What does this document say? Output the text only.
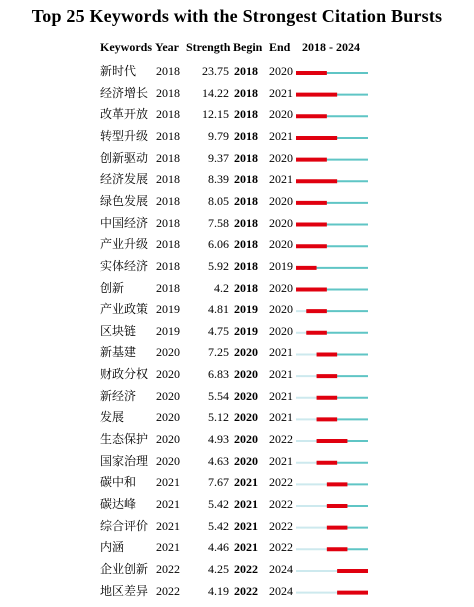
Top 25 Keywords with the Strongest Citation Bursts
Keywords Year Strength Begin End 2018 - 2024
新时代 2018 23.75 2018 2020
经济增长 2018 14.22 2018 2021
改革开放 2018 12.15 2018 2020
转型升级 2018 9.79 2018 2021
创新驱动 2018 9.37 2018 2020
经济发展 2018 8.39 2018 2021
绿色发展 2018 8.05 2018 2020
中国经济 2018 7.58 2018 2020
产业升级 2018 6.06 2018 2020
实体经济 2018 5.92 2018 2019
创新	2018	4.2 2018 2020
产业政策 2019 4.81 2019 2020
区块链 2019 4.75 2019 2020
新基建 2020 7.25 2020 2021
财政分权 2020 6.83 2020 2021
新经济 2020 5.54 2020 2021
发展	2020 5.12 2020 2021
生态保护 2020 4.93 2020 2022
国家治理 2020 4.63 2020 2021
碳中和 2021 7.67 2021 2022
碳达峰 2021 5.42 2021 2022
综合评价 2021 5.42 2021 2022
内涵	2021 4.46 2021 2022
企业创新 2022 4.25 2022 2024
地区差异 2022 4.19 2022 2024
